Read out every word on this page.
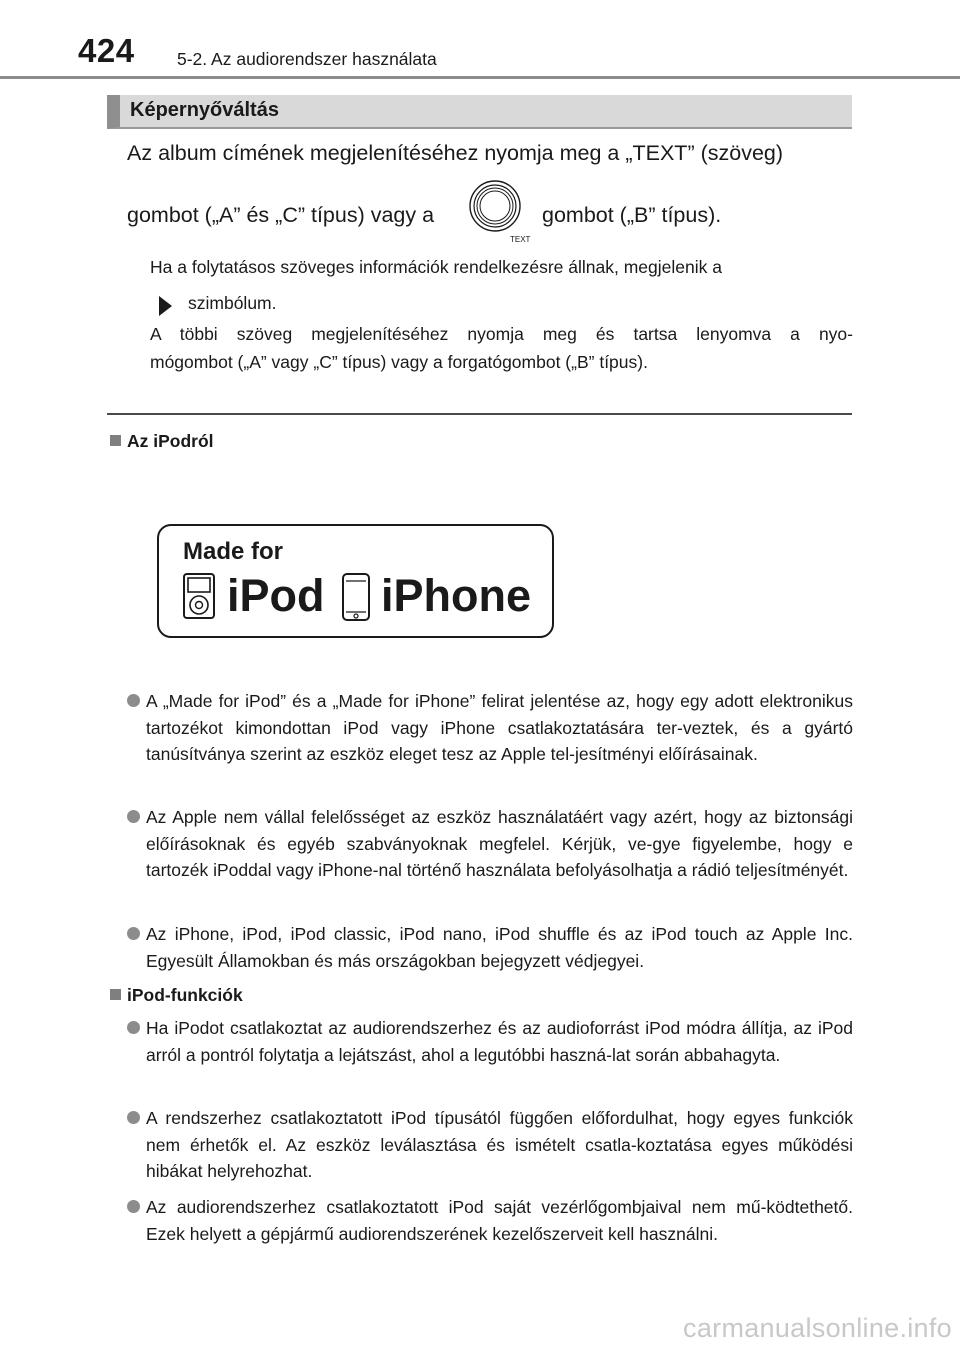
424 5-2. Az audiorendszer használata
Képernyőváltás
Az album címének megjelenítéséhez nyomja meg a „TEXT” (szöveg)
gombot („A” és „C” típus) vagy a
TEXT
gombot („B” típus).
Ha a folytatásos szöveges információk rendelkezésre állnak, megjelenik a
szimbólum.
A többi szöveg megjelenítéséhez nyomja meg és tartsa lenyomva a nyo-
mógombot („A” vagy „C” típus) vagy a forgatógombot („B” típus).
Az iPodról
Made for
iPod iPhone
A „Made for iPod” és a „Made for iPhone” felirat jelentése az, hogy egy adott elektronikus tartozékot kimondottan iPod vagy iPhone csatlakoztatására ter-veztek, és a gyártó tanúsítványa szerint az eszköz eleget tesz az Apple tel-jesítményi előírásainak.
Az Apple nem vállal felelősséget az eszköz használatáért vagy azért, hogy az biztonsági előírásoknak és egyéb szabványoknak megfelel. Kérjük, ve-gye figyelembe, hogy e tartozék iPoddal vagy iPhone-nal történő használata befolyásolhatja a rádió teljesítményét.
Az iPhone, iPod, iPod classic, iPod nano, iPod shuffle és az iPod touch az Apple Inc. Egyesült Államokban és más országokban bejegyzett védjegyei.
iPod-funkciók
Ha iPodot csatlakoztat az audiorendszerhez és az audioforrást iPod módra állítja, az iPod arról a pontról folytatja a lejátszást, ahol a legutóbbi haszná-lat során abbahagyta.
A rendszerhez csatlakoztatott iPod típusától függően előfordulhat, hogy egyes funkciók nem érhetők el. Az eszköz leválasztása és ismételt csatla-koztatása egyes működési hibákat helyrehozhat.
Az audiorendszerhez csatlakoztatott iPod saját vezérlőgombjaival nem mű-ködtethető. Ezek helyett a gépjármű audiorendszerének kezelőszerveit kell használni.
carmanualsonline.info
